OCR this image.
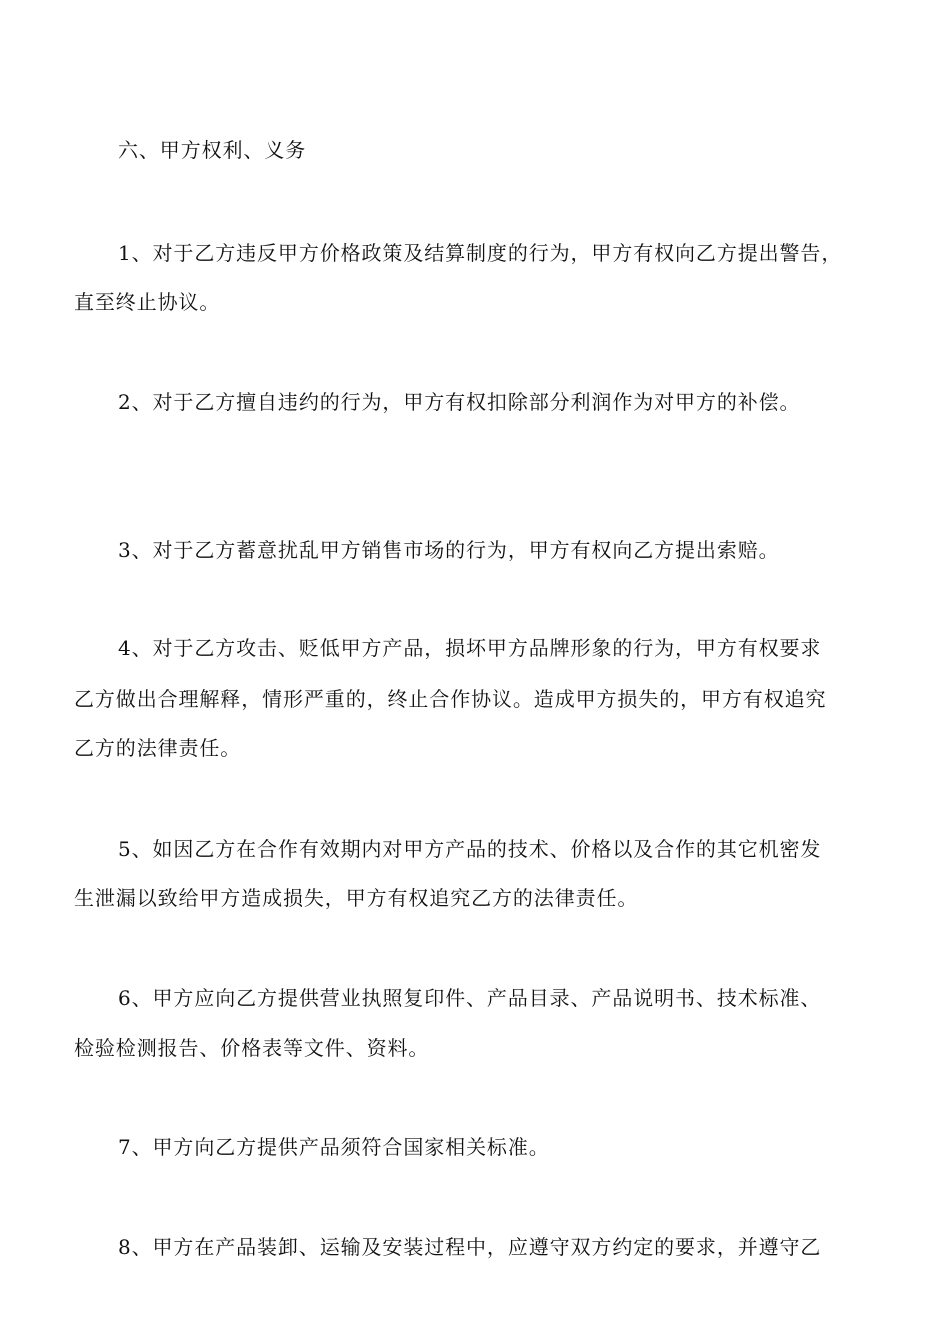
六、甲方权利、义务

1、对于乙方违反甲方价格政策及结算制度的行为，甲方有权向乙方提出警告，

直至终止协议。

2、对于乙方擅自违约的行为，甲方有权扣除部分利润作为对甲方的补偿。

3、对于乙方蓄意扰乱甲方销售市场的行为，甲方有权向乙方提出索赔。

4、对于乙方攻击、贬低甲方产品，损坏甲方品牌形象的行为，甲方有权要求

乙方做出合理解释，情形严重的，终止合作协议。造成甲方损失的，甲方有权追究

乙方的法律责任。

5、如因乙方在合作有效期内对甲方产品的技术、价格以及合作的其它机密发

生泄漏以致给甲方造成损失，甲方有权追究乙方的法律责任。

6、甲方应向乙方提供营业执照复印件、产品目录、产品说明书、技术标准、

检验检测报告、价格表等文件、资料。

7、甲方向乙方提供产品须符合国家相关标准。

8、甲方在产品装卸、运输及安装过程中，应遵守双方约定的要求，并遵守乙
